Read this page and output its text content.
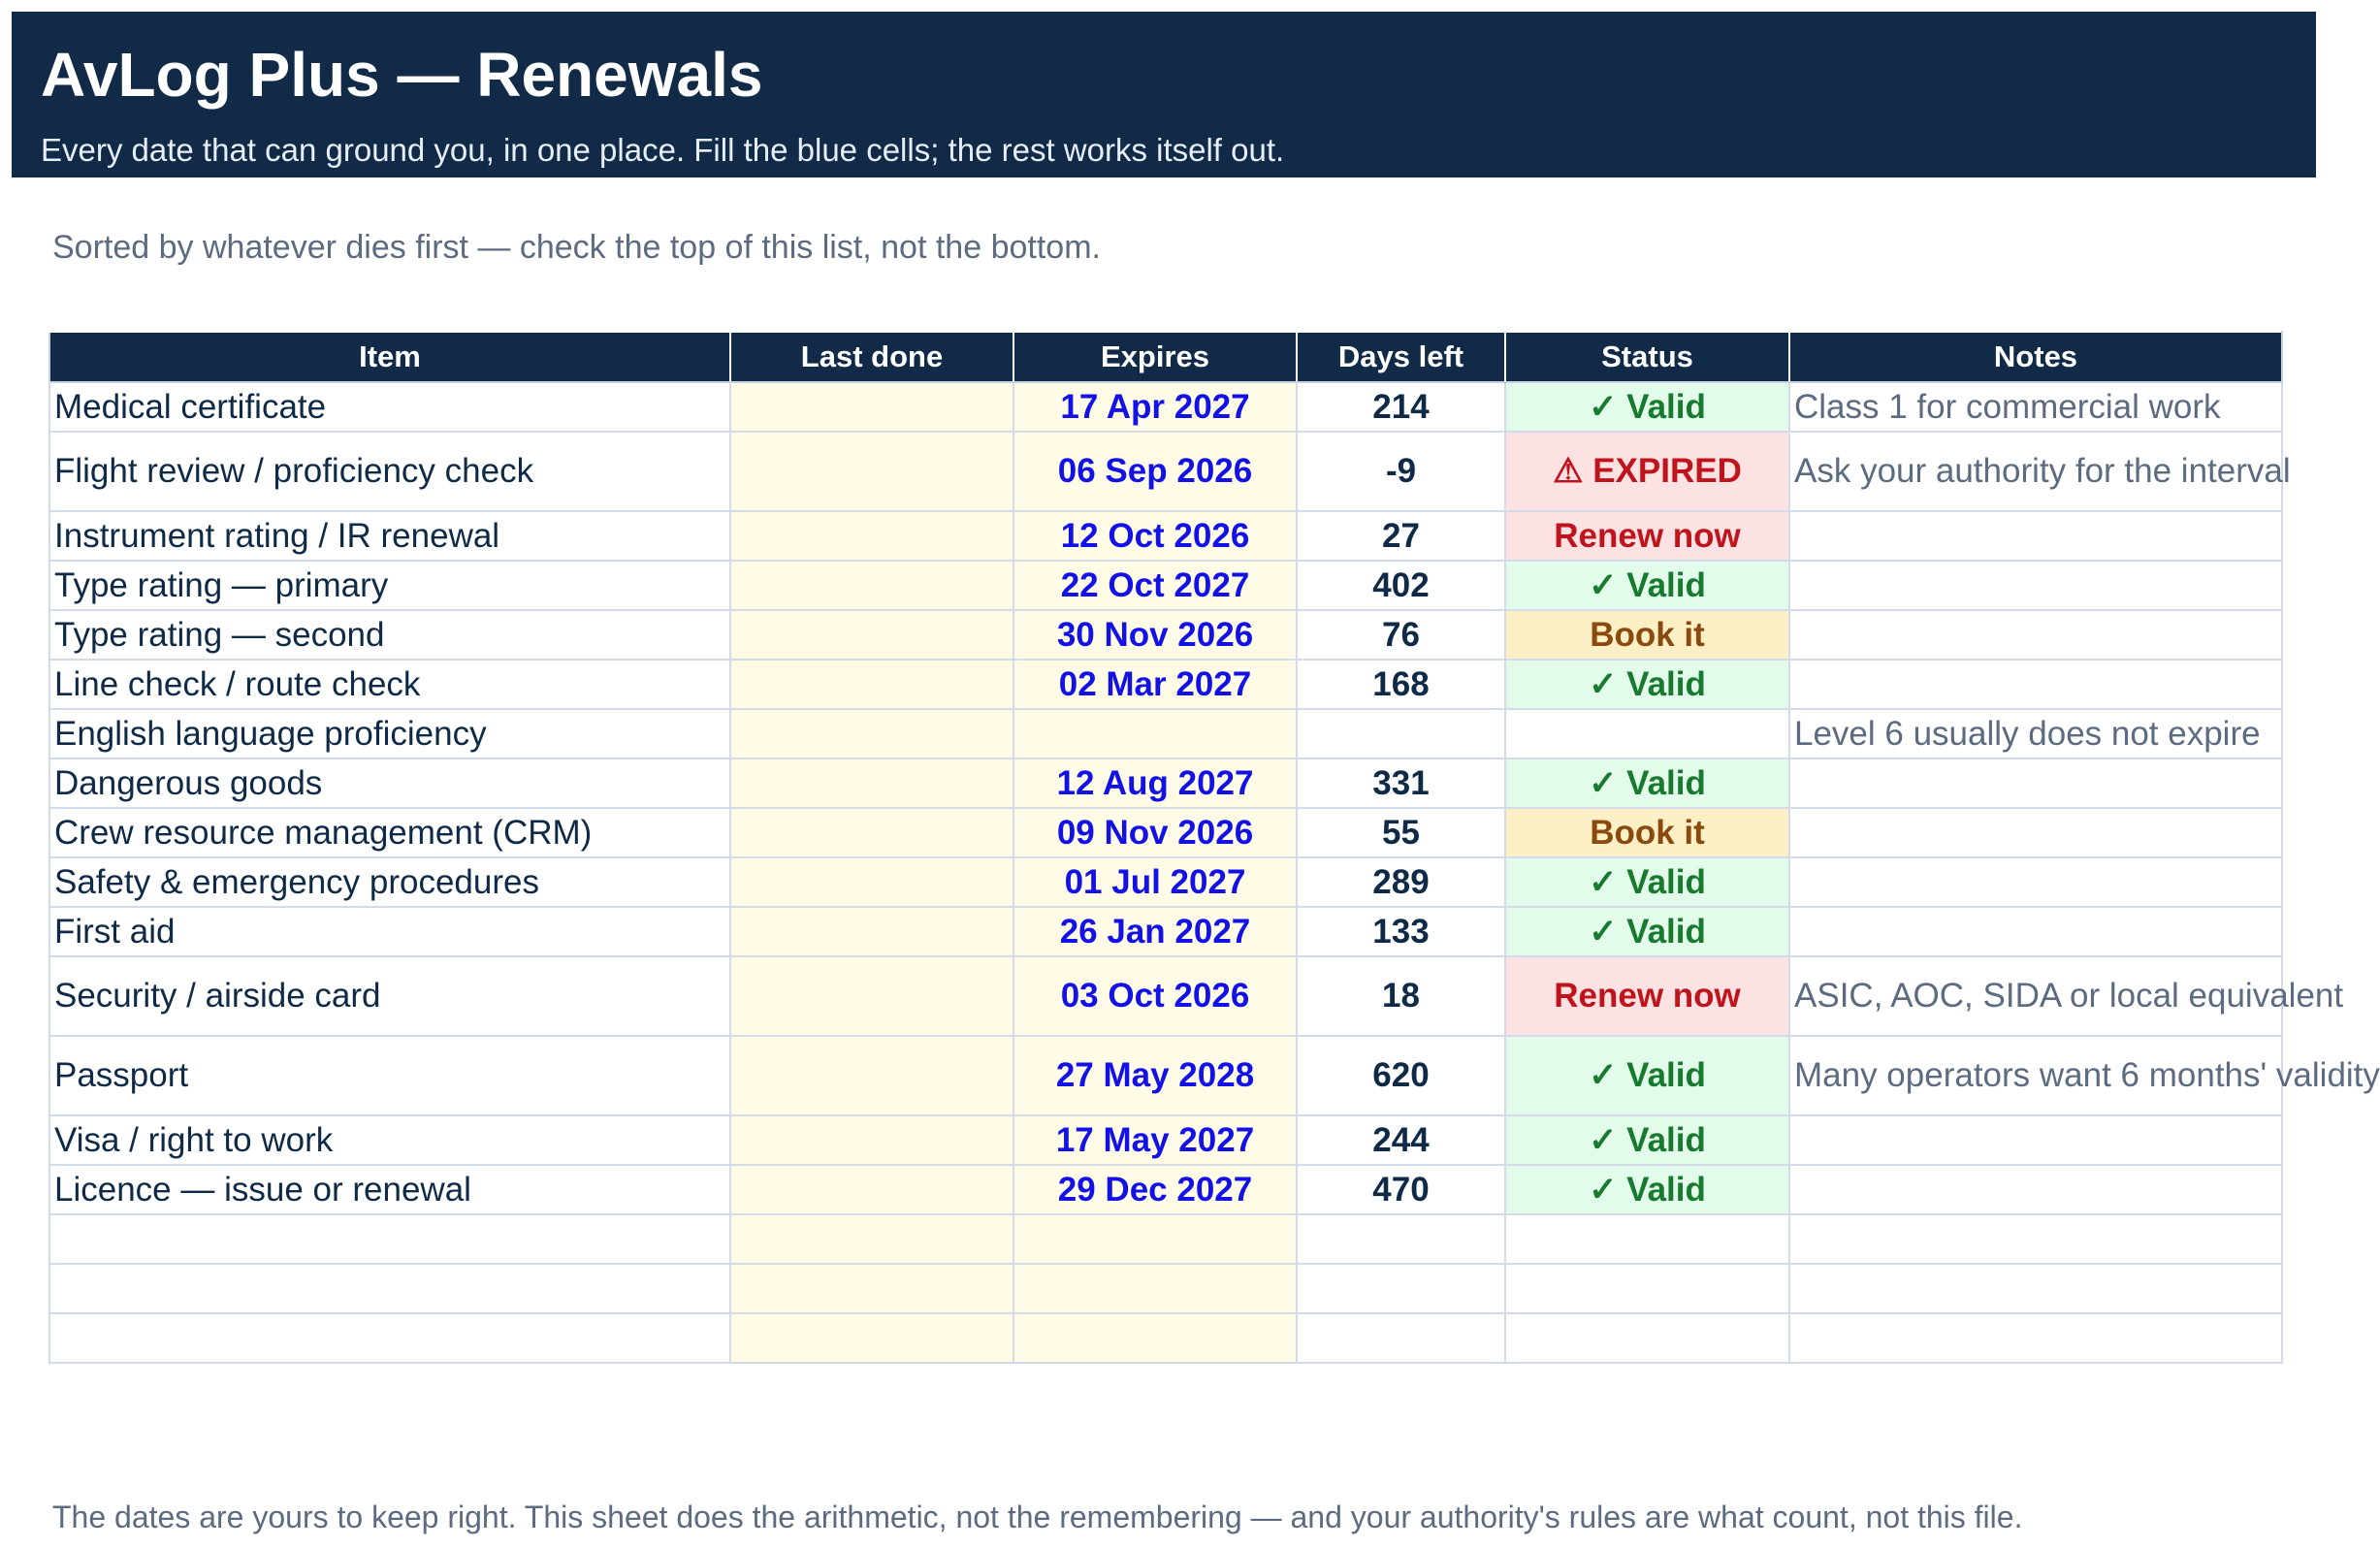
AvLog Plus — Renewals
Every date that can ground you, in one place. Fill the blue cells; the rest works itself out.
Sorted by whatever dies first — check the top of this list, not the bottom.
Item	Last done	Expires	Days left	Status	Notes
Medical certificate		17 Apr 2027	214	✓ Valid	Class 1 for commercial work
Flight review / proficiency check		06 Sep 2026	-9	⚠ EXPIRED	Ask your authority for the interval
Instrument rating / IR renewal		12 Oct 2026	27	Renew now	
Type rating — primary		22 Oct 2027	402	✓ Valid	
Type rating — second		30 Nov 2026	76	Book it	
Line check / route check		02 Mar 2027	168	✓ Valid	
English language proficiency					Level 6 usually does not expire
Dangerous goods		12 Aug 2027	331	✓ Valid	
Crew resource management (CRM)		09 Nov 2026	55	Book it	
Safety & emergency procedures		01 Jul 2027	289	✓ Valid	
First aid		26 Jan 2027	133	✓ Valid	
Security / airside card		03 Oct 2026	18	Renew now	ASIC, AOC, SIDA or local equivalent
Passport		27 May 2028	620	✓ Valid	Many operators want 6 months' validity
Visa / right to work		17 May 2027	244	✓ Valid	
Licence — issue or renewal		29 Dec 2027	470	✓ Valid	

The dates are yours to keep right. This sheet does the arithmetic, not the remembering — and your authority's rules are what count, not this file.
